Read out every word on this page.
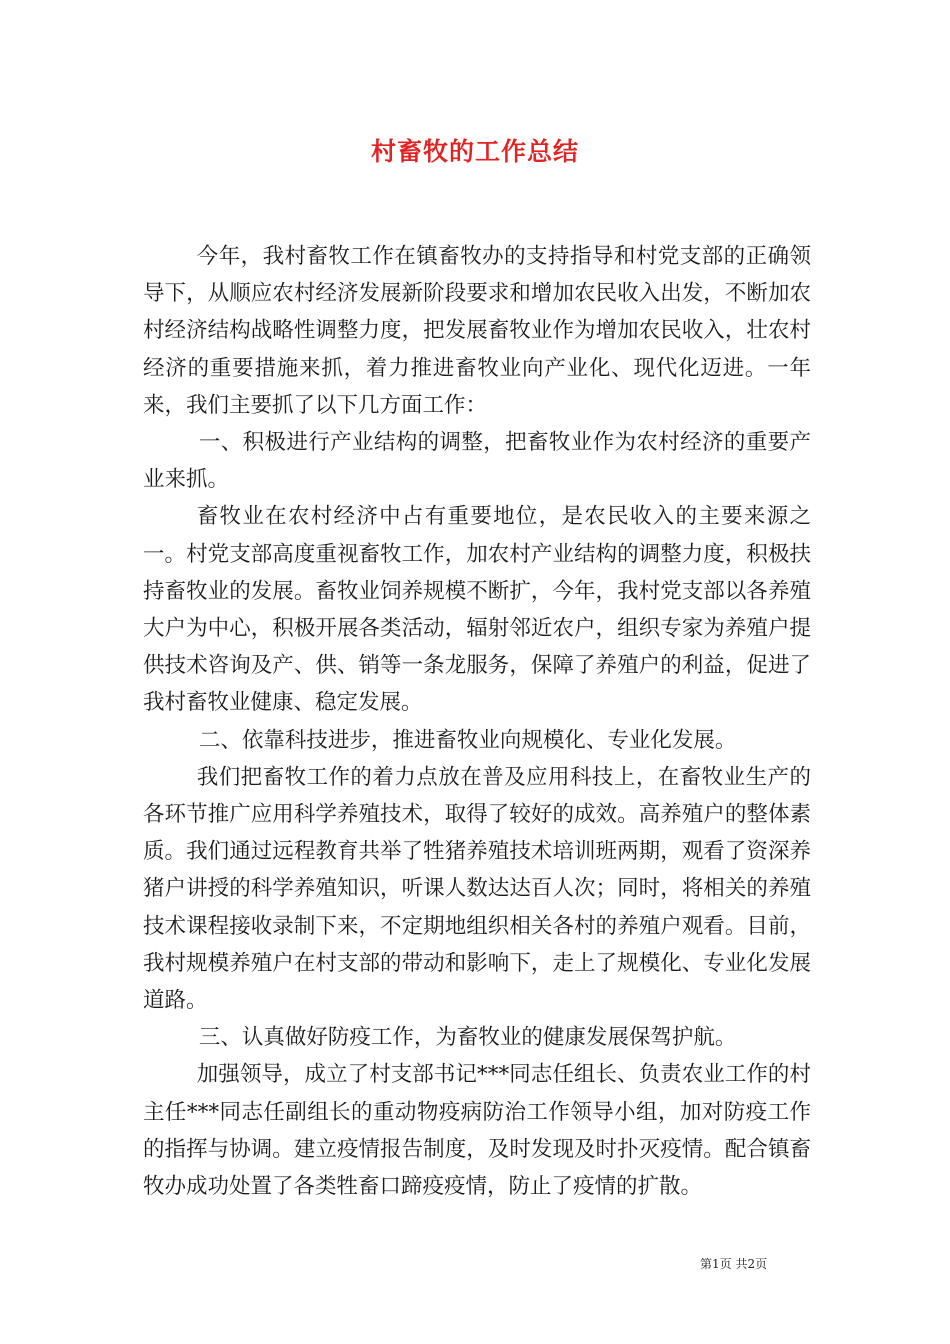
村畜牧的工作总结

今年，我村畜牧工作在镇畜牧办的支持指导和村党支部的正确领导下，从顺应农村经济发展新阶段要求和增加农民收入出发，不断加农村经济结构战略性调整力度，把发展畜牧业作为增加农民收入，壮农村经济的重要措施来抓，着力推进畜牧业向产业化、现代化迈进。一年来，我们主要抓了以下几方面工作：

一、积极进行产业结构的调整，把畜牧业作为农村经济的重要产业来抓。

畜牧业在农村经济中占有重要地位，是农民收入的主要来源之一。村党支部高度重视畜牧工作，加农村产业结构的调整力度，积极扶持畜牧业的发展。畜牧业饲养规模不断扩，今年，我村党支部以各养殖大户为中心，积极开展各类活动，辐射邻近农户，组织专家为养殖户提供技术咨询及产、供、销等一条龙服务，保障了养殖户的利益，促进了我村畜牧业健康、稳定发展。

二、依靠科技进步，推进畜牧业向规模化、专业化发展。

我们把畜牧工作的着力点放在普及应用科技上，在畜牧业生产的各环节推广应用科学养殖技术，取得了较好的成效。高养殖户的整体素质。我们通过远程教育共举了牲猪养殖技术培训班两期，观看了资深养猪户讲授的科学养殖知识，听课人数达达百人次；同时，将相关的养殖技术课程接收录制下来，不定期地组织相关各村的养殖户观看。目前，我村规模养殖户在村支部的带动和影响下，走上了规模化、专业化发展道路。

三、认真做好防疫工作，为畜牧业的健康发展保驾护航。

加强领导，成立了村支部书记***同志任组长、负责农业工作的村主任***同志任副组长的重动物疫病防治工作领导小组，加对防疫工作的指挥与协调。建立疫情报告制度，及时发现及时扑灭疫情。配合镇畜牧办成功处置了各类牲畜口蹄疫疫情，防止了疫情的扩散。

第1页 共2页
